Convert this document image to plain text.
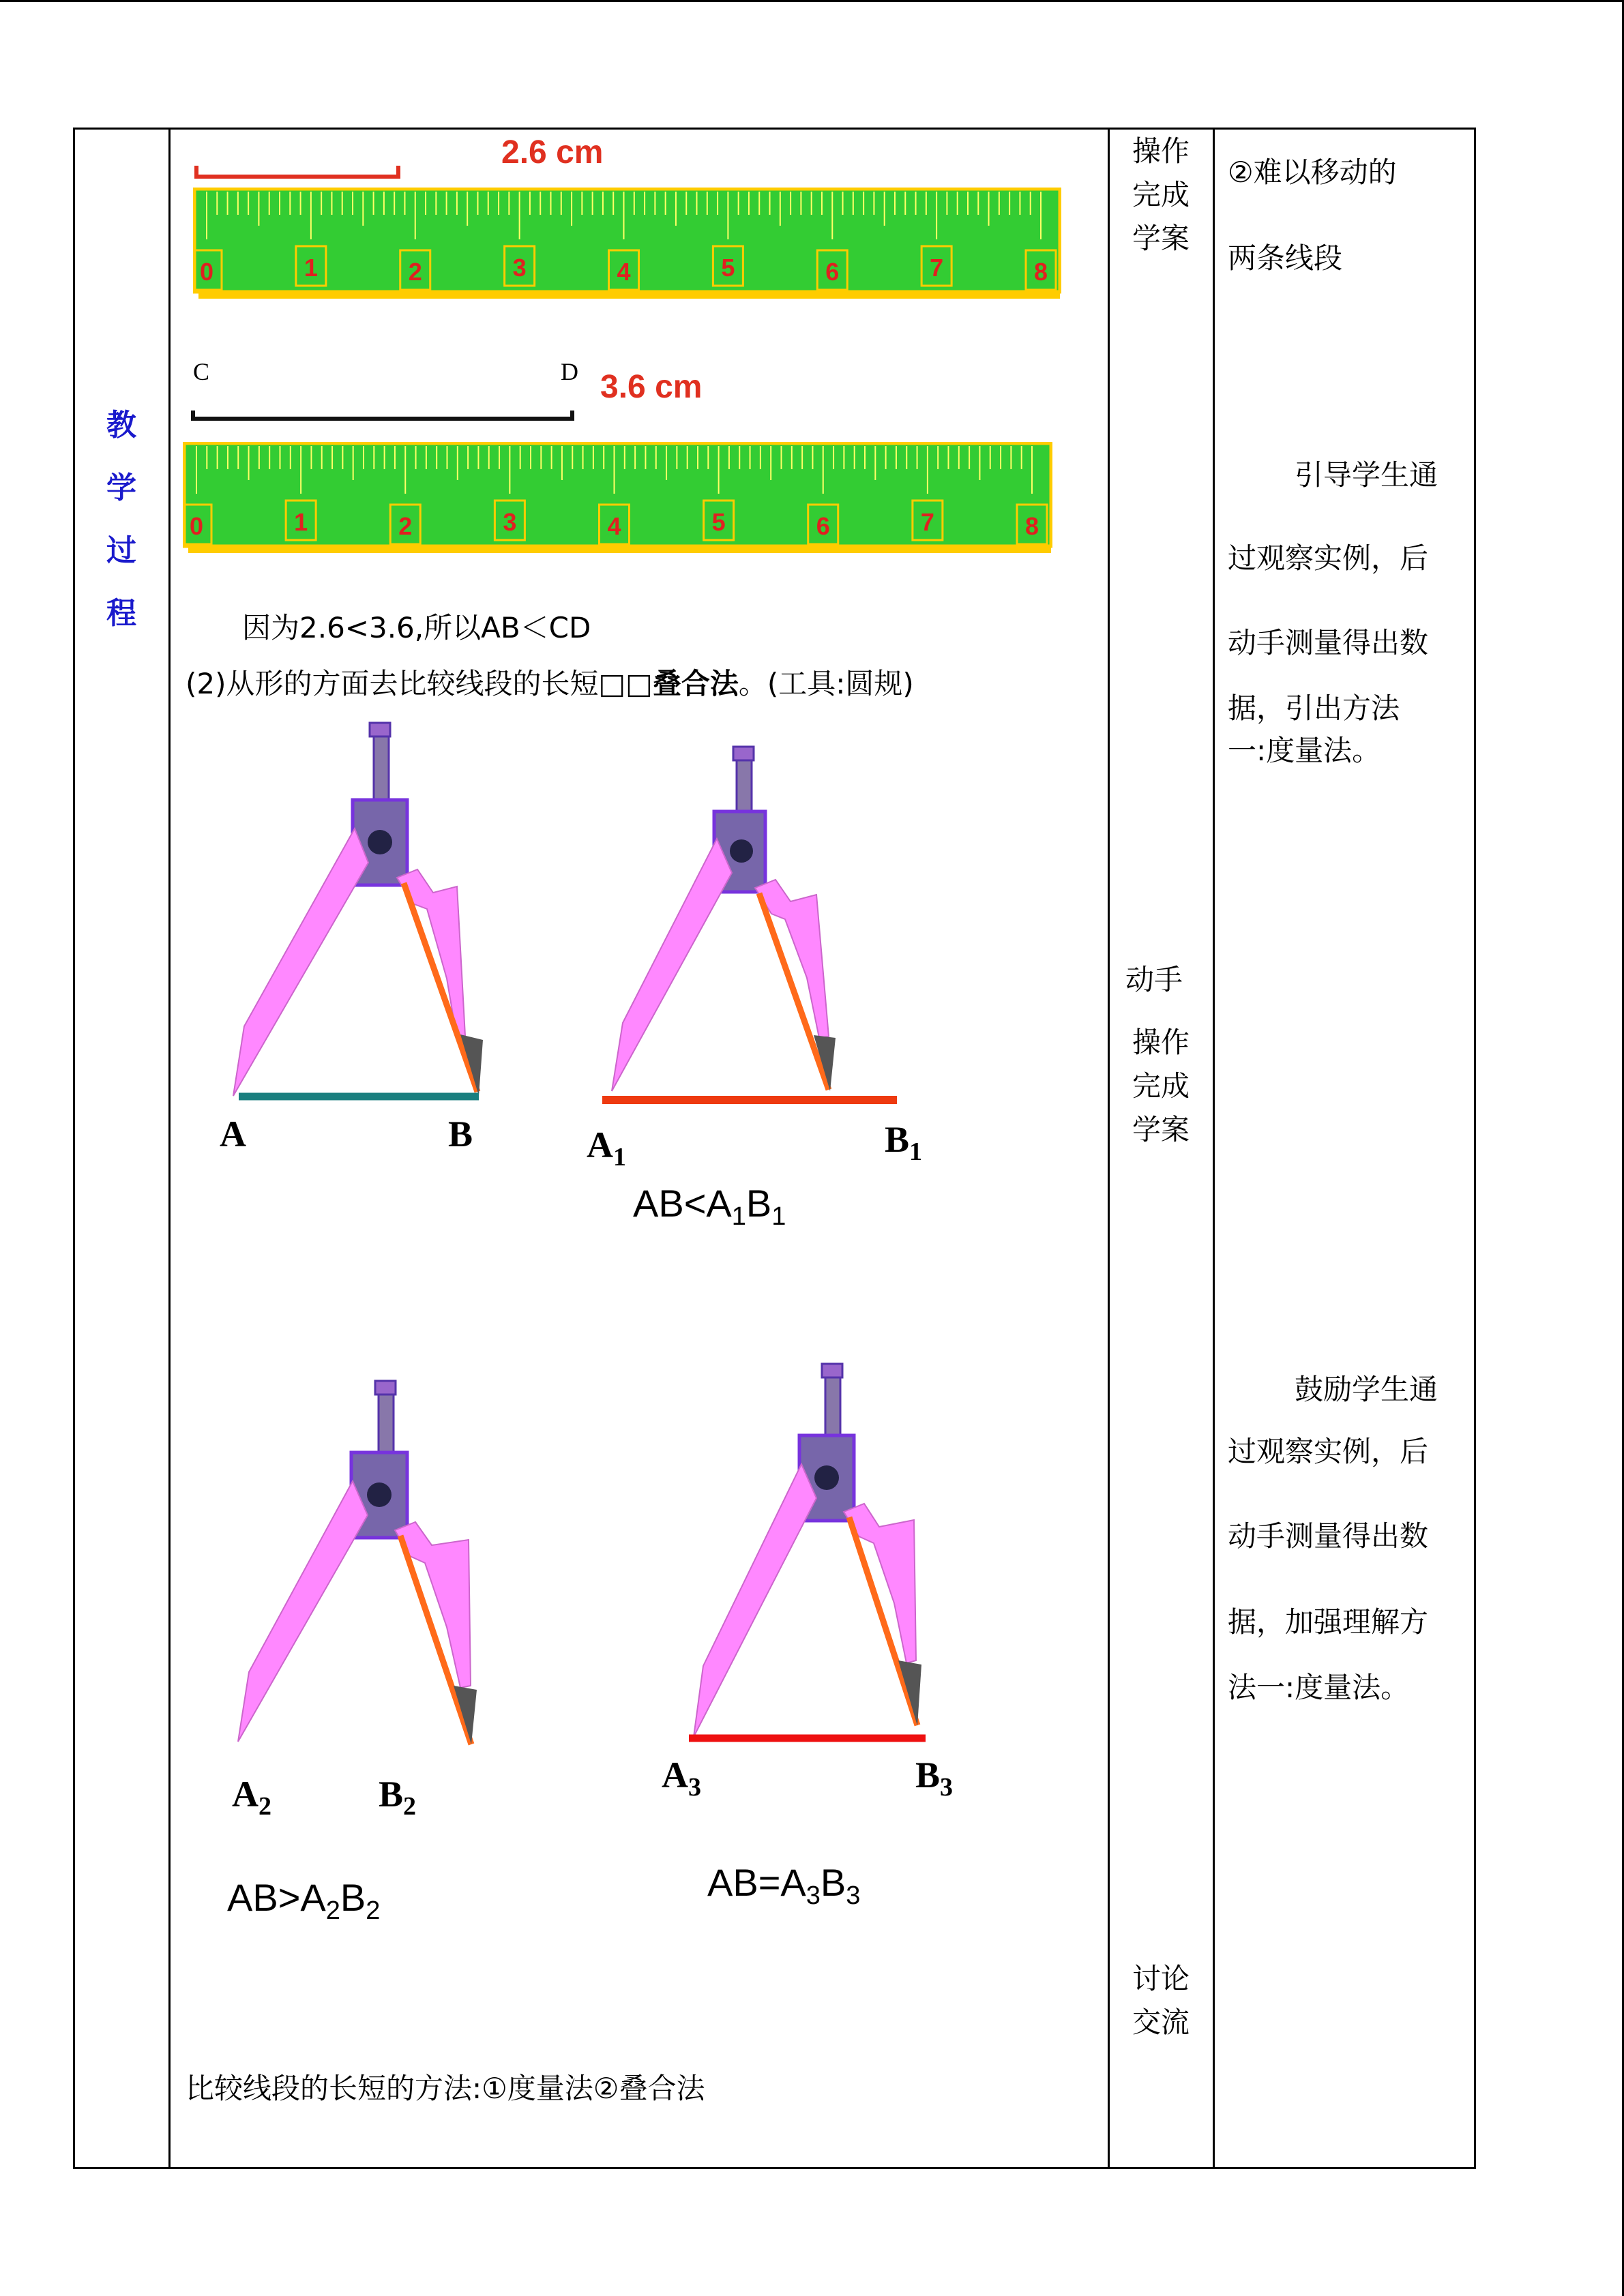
教
学
过
程
2.6 cm
0	1	2	3	4	5	6	7	8
C	D 3.6 cm
0	1	2	3	4	5	6	7	8
因为2.6<3.6,所以AB＜CD
(2)从形的方面去比较线段的长短□□叠合法。(工具:圆规)
A	B	$A_1$	$B_1$
$AB<A_1B_1$
$A_2$	$B_2$
$AB>A_2B_2$
$A_3$	$B_3$
$AB=A_3B_3$
比较线段的长短的方法:①度量法②叠合法
操作
完成
学案
动手
操作
完成
学案
讨论
交流
②难以移动的
两条线段
引导学生通
过观察实例，后
动手测量得出数
据，引出方法
一:度量法。
鼓励学生通
过观察实例，后
动手测量得出数
据，加强理解方
法一:度量法。
